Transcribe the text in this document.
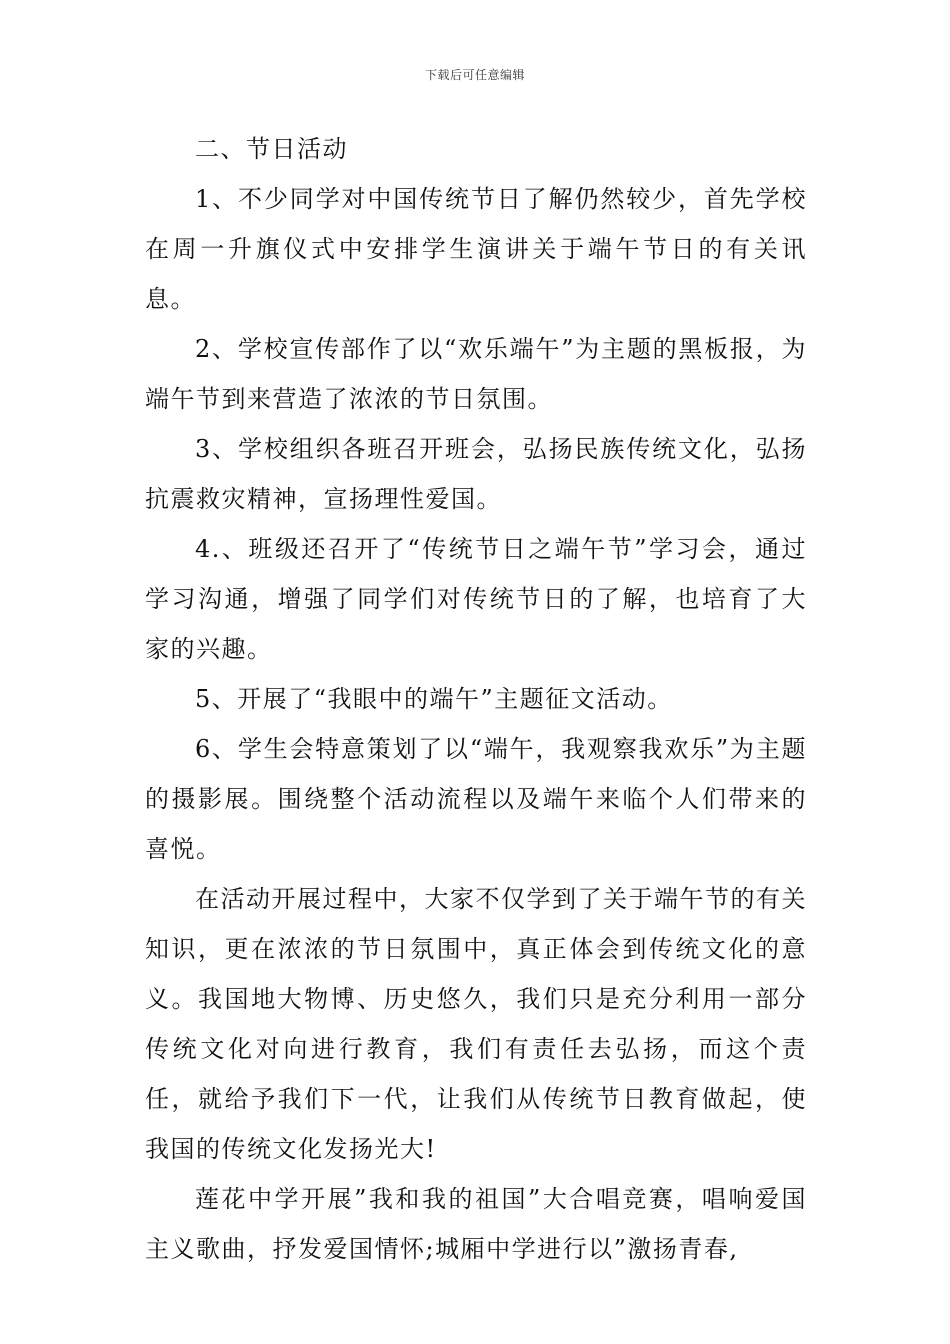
下载后可任意编辑

二、节日活动

1、不少同学对中国传统节日了解仍然较少，首先学校在周一升旗仪式中安排学生演讲关于端午节日的有关讯息。

2、学校宣传部作了以“欢乐端午”为主题的黑板报，为端午节到来营造了浓浓的节日氛围。

3、学校组织各班召开班会，弘扬民族传统文化，弘扬抗震救灾精神，宣扬理性爱国。

4.、班级还召开了“传统节日之端午节”学习会，通过学习沟通，增强了同学们对传统节日的了解，也培育了大家的兴趣。

5、开展了“我眼中的端午”主题征文活动。

6、学生会特意策划了以“端午，我观察我欢乐”为主题的摄影展。围绕整个活动流程以及端午来临个人们带来的喜悦。

在活动开展过程中，大家不仅学到了关于端午节的有关知识，更在浓浓的节日氛围中，真正体会到传统文化的意义。我国地大物博、历史悠久，我们只是充分利用一部分传统文化对向进行教育，我们有责任去弘扬，而这个责任，就给予我们下一代，让我们从传统节日教育做起，使我国的传统文化发扬光大!

莲花中学开展”我和我的祖国”大合唱竞赛，唱响爱国主义歌曲，抒发爱国情怀;城厢中学进行以”激扬青春,
